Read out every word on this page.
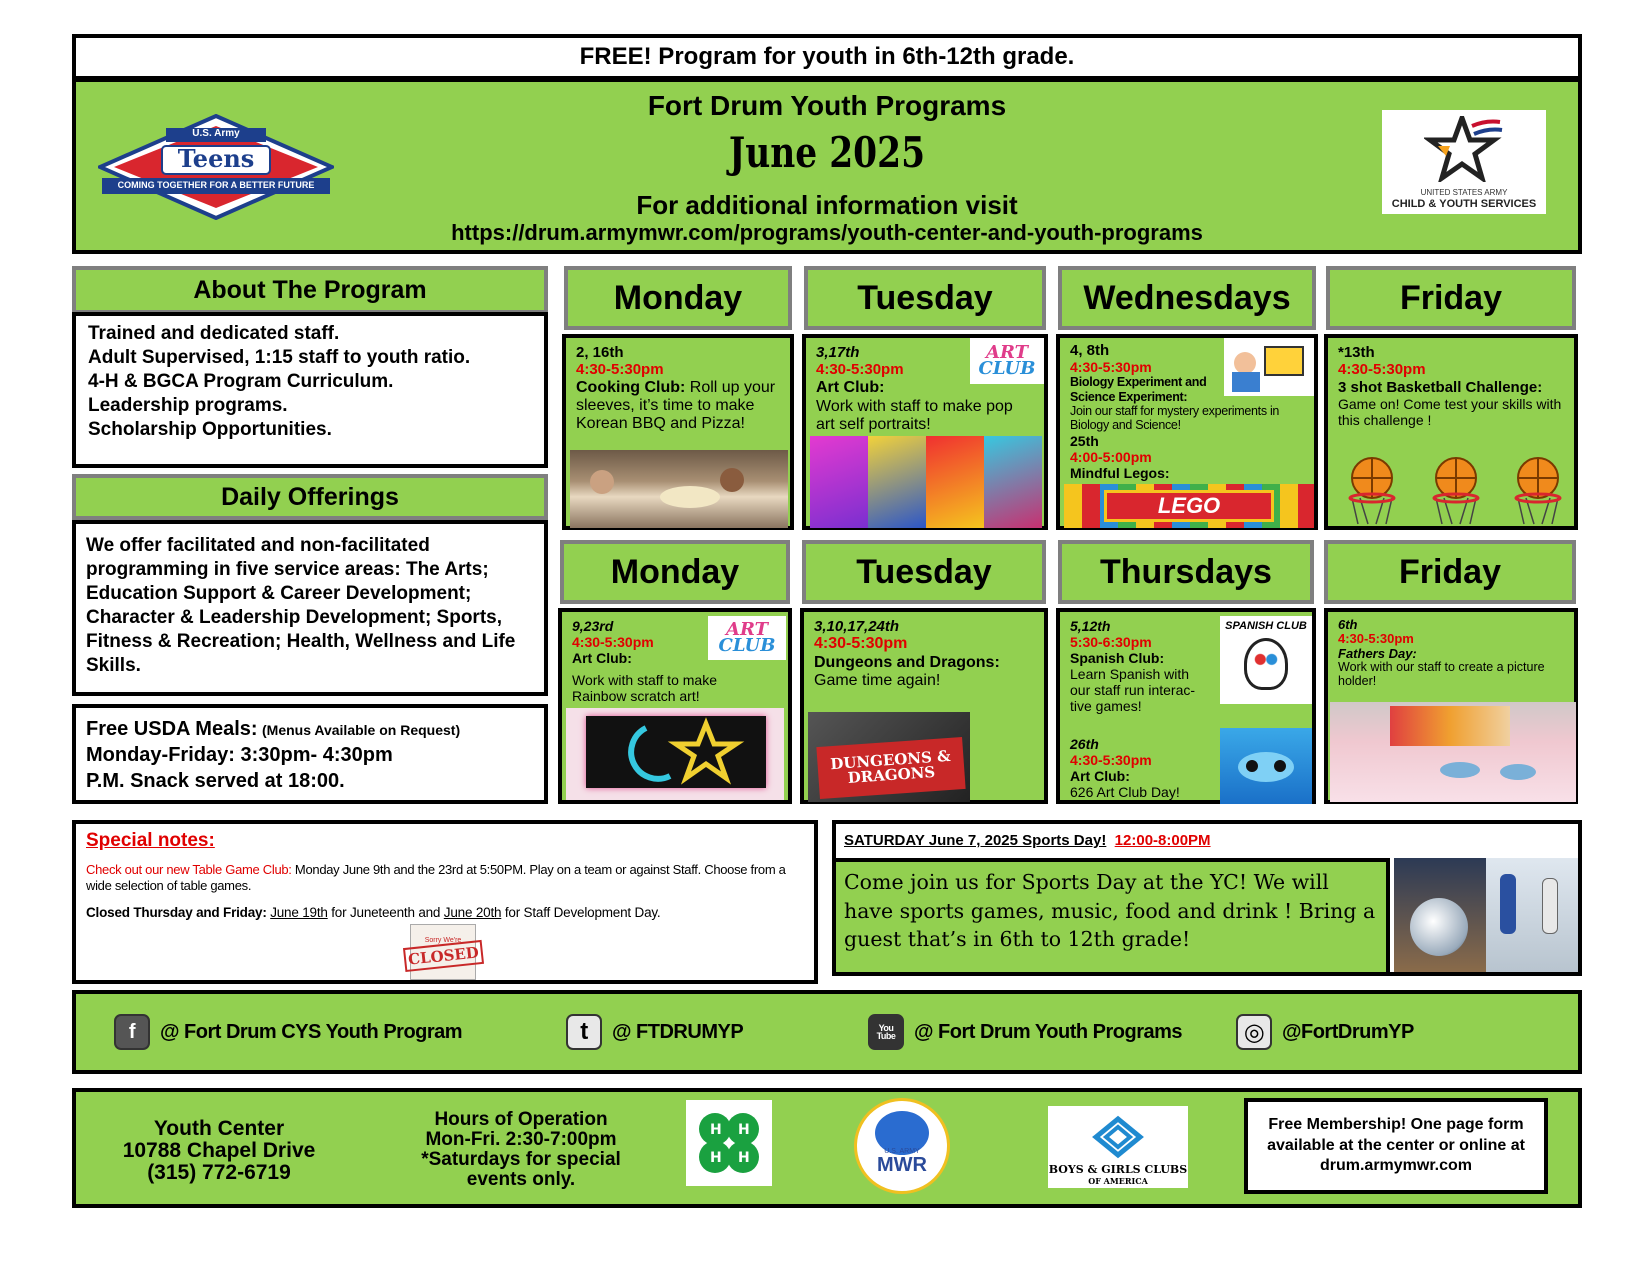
FREE! Program for youth in 6th-12th grade.
Fort Drum Youth Programs
June 2025
For additional information visit
https://drum.armymwr.com/programs/youth-center-and-youth-programs
U.S. Army
Teens
COMING TOGETHER FOR A BETTER FUTURE
UNITED STATES ARMY
CHILD & YOUTH SERVICES
About The Program
Trained and dedicated staff.
Adult Supervised, 1:15 staff to youth ratio.
4-H & BGCA Program Curriculum.
Leadership programs.
Scholarship Opportunities.
Daily Offerings
We offer facilitated and non-facilitated programming in five service areas: The Arts; Education Support & Career Development; Character & Leadership Development; Sports, Fitness & Recreation; Health, Wellness and Life Skills.
Free USDA Meals: (Menus Available on Request)
Monday-Friday: 3:30pm- 4:30pm
P.M. Snack served at 18:00.
Monday	Tuesday	Wednesdays	Friday
2, 16th
4:30-5:30pm
Cooking Club: Roll up your sleeves, it’s time to make Korean BBQ and Pizza!
3,17th
4:30-5:30pm
Art Club:
Work with staff to make pop art self portraits!
ART
CLUB
4, 8th
4:30-5:30pm
Biology Experiment and Science Experiment:
Join our staff for mystery experiments in Biology and Science!
25th
4:00-5:00pm
Mindful Legos:
LEGO
*13th
4:30-5:30pm
3 shot Basketball Challenge:
Game on! Come test your skills with this challenge !
Monday	Tuesday	Thursdays	Friday
9,23rd
4:30-5:30pm
Art Club:
Work with staff to make Rainbow scratch art!
ART
CLUB
3,10,17,24th
4:30-5:30pm
Dungeons and Dragons:
Game time again!
DUNGEONS & DRAGONS
5,12th
5:30-6:30pm
Spanish Club:
Learn Spanish with our staff run interac-tive games!
26th
4:30-5:30pm
Art Club:
626 Art Club Day!
SPANISH CLUB	6th
4:30-5:30pm
Fathers Day:
Work with our staff to create a picture holder!
Special notes:
Check out our new Table Game Club: Monday June 9th and the 23rd at 5:50PM. Play on a team or against Staff. Choose from a wide selection of table games.
Closed Thursday and Friday: June 19th for Juneteenth and June 20th for Staff Development Day.
Sorry We're
CLOSED
SATURDAY June 7, 2025 Sports Day! 12:00-8:00PM
Come join us for Sports Day at the YC! We will have sports games, music, food and drink ! Bring a guest that’s in 6th to 12th grade!
f	@ Fort Drum CYS Youth Program	t	@ FTDRUMYP	You Tube @ Fort Drum Youth Programs	◎ @FortDrumYP
Youth Center
10788 Chapel Drive
(315) 772-6719
Hours of Operation
Mon-Fri. 2:30-7:00pm
*Saturdays for special
events only.
H H
H H	U.S. ARMY
MWR	BOYS & GIRLS CLUBS
OF AMERICA
Free Membership! One page form available at the center or online at drum.armymwr.com
